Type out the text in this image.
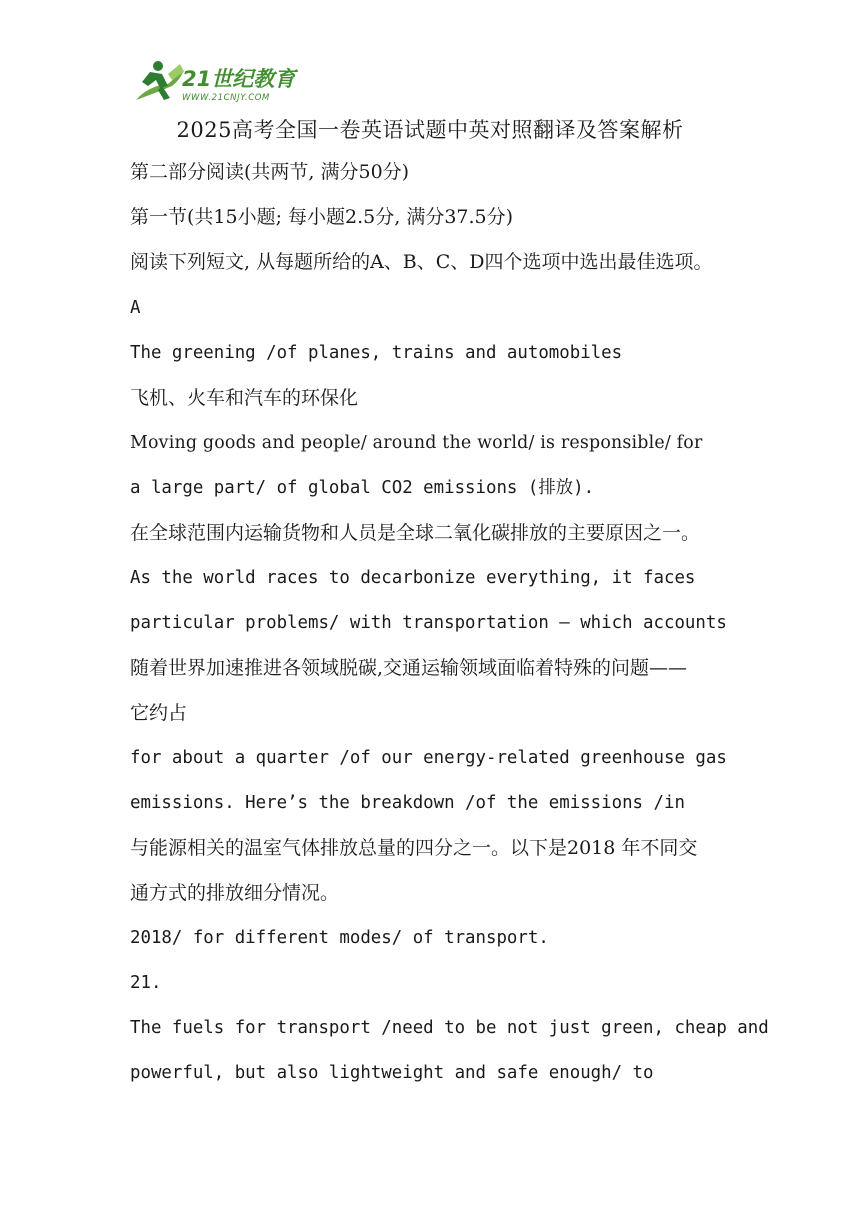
21世纪教育
WWW.21CNJY.COM
2025高考全国一卷英语试题中英对照翻译及答案解析
第二部分阅读(共两节, 满分50分)
第一节(共15小题; 每小题2.5分, 满分37.5分)
阅读下列短文, 从每题所给的A、B、C、D四个选项中选出最佳选项。
A
The greening /of planes, trains and automobiles
飞机、火车和汽车的环保化
Moving goods and people/ around the world/ is responsible/ for
a large part/ of global CO2 emissions (排放).
在全球范围内运输货物和人员是全球二氧化碳排放的主要原因之一。
As the world races to decarbonize everything, it faces
particular problems/ with transportation — which accounts
随着世界加速推进各领域脱碳,交通运输领域面临着特殊的问题——
它约占
for about a quarter /of our energy-related greenhouse gas
emissions. Here’s the breakdown /of the emissions /in
与能源相关的温室气体排放总量的四分之一。以下是2018 年不同交
通方式的排放细分情况。
2018/ for different modes/ of transport.
21.
The fuels for transport /need to be not just green, cheap and
powerful, but also lightweight and safe enough/ to
